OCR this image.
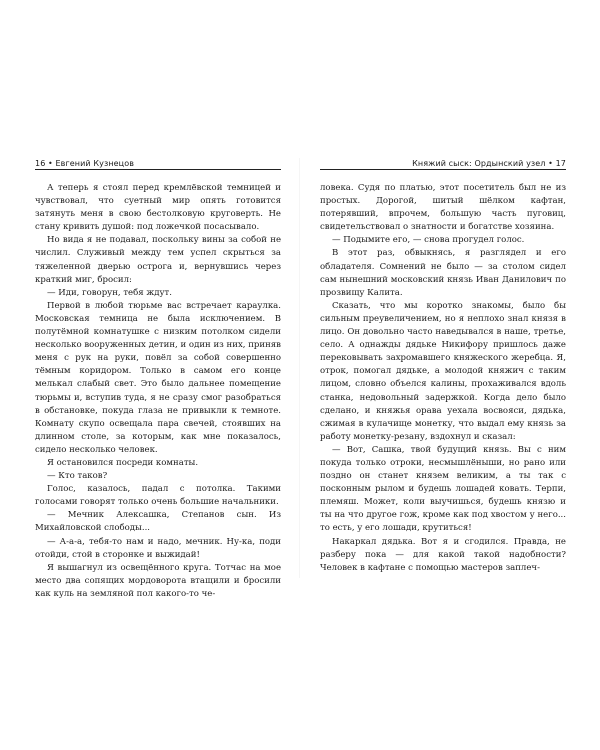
16 • Евгений Кузнецов

А теперь я стоял перед кремлёвской темницей и чувствовал, что суетный мир опять готовится затянуть меня в свою бестолковую круговерть. Не стану кривить душой: под ложечкой посасывало.

Но вида я не подавал, поскольку вины за собой не числил. Служивый между тем успел скрыться за тяжеленной дверью острога и, вернувшись через краткий миг, бросил:

— Иди, говорун, тебя ждут.

Первой в любой тюрьме вас встречает караулка. Московская темница не была исключением. В полутёмной комнатушке с низким потолком сидели несколько вооруженных детин, и один из них, приняв меня с рук на руки, повёл за собой совершенно тёмным коридором. Только в самом его конце мелькал слабый свет. Это было дальнее помещение тюрьмы и, вступив туда, я не сразу смог разобраться в обстановке, покуда глаза не привыкли к темноте. Комнату скупо освещала пара свечей, стоявших на длинном столе, за которым, как мне показалось, сидело несколько человек.

Я остановился посреди комнаты.

— Кто таков?

Голос, казалось, падал с потолка. Такими голосами говорят только очень большие начальники.

— Мечник Алексашка, Степанов сын. Из Михайловской слободы...

— А-а-а, тебя-то нам и надо, мечник. Ну-ка, поди отойди, стой в сторонке и выжидай!

Я вышагнул из освещённого круга. Тотчас на мое место два сопящих мордоворота втащили и бросили как куль на земляной пол какого-то че-

Княжий сыск: Ордынский узел • 17

ловека. Судя по платью, этот посетитель был не из простых. Дорогой, шитый шёлком кафтан, потерявший, впрочем, большую часть пуговиц, свидетельствовал о знатности и богатстве хозяина.

— Подымите его, — снова прогудел голос.

В этот раз, обвыкнясь, я разглядел и его обладателя. Сомнений не было — за столом сидел сам нынешний московский князь Иван Данилович по прозвищу Калита.

Сказать, что мы коротко знакомы, было бы сильным преувеличением, но я неплохо знал князя в лицо. Он довольно часто наведывался в наше, третье, село. А однажды дядьке Никифору пришлось даже перековывать захромавшего княжеского жеребца. Я, отрок, помогал дядьке, а молодой княжич с таким лицом, словно объелся калины, прохаживался вдоль станка, недовольный задержкой. Когда дело было сделано, и княжья орава уехала восвояси, дядька, сжимая в кулачище монетку, что выдал ему князь за работу монетку-резану, вздохнул и сказал:

— Вот, Сашка, твой будущий князь. Вы с ним покуда только отроки, несмышлёныши, но рано или поздно он станет князем великим, а ты так с посконным рылом и будешь лошадей ковать. Терпи, племяш. Может, коли выучишься, будешь князю и ты на что другое гож, кроме как под хвостом у него... то есть, у его лошади, крутиться!

Накаркал дядька. Вот я и сгодился. Правда, не разберу пока — для какой такой надобности? Человек в кафтане с помощью мастеров заплеч-
